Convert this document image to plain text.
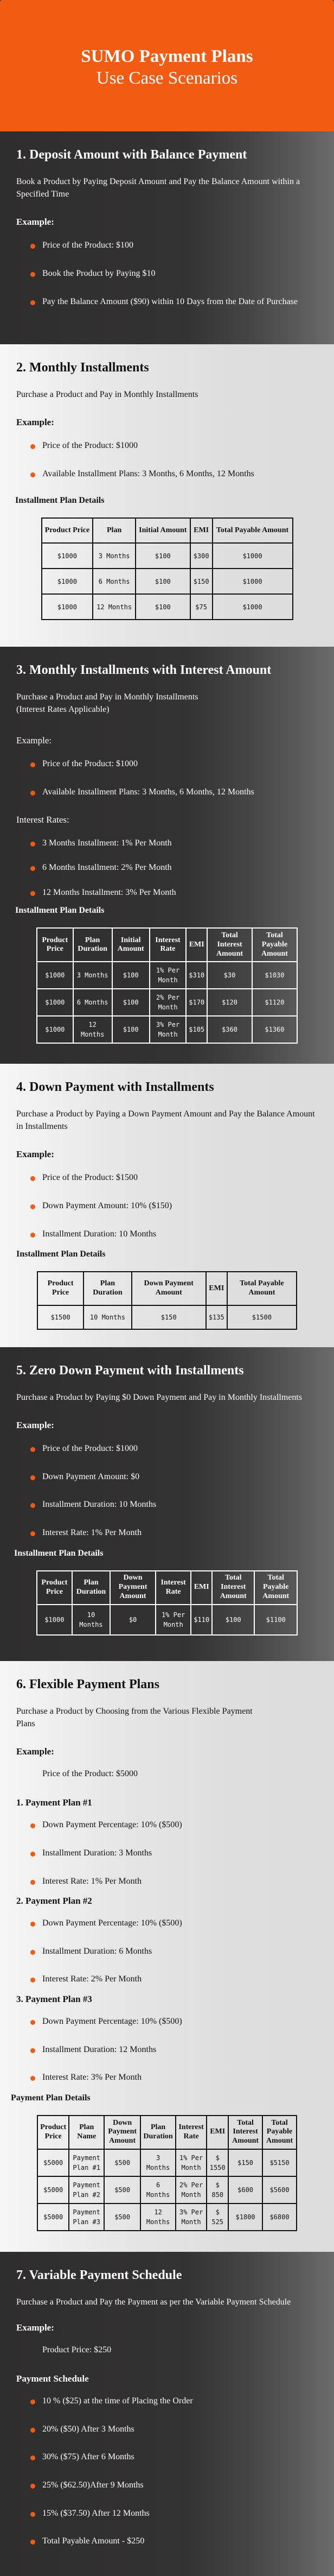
SUMO Payment Plans
Use Case Scenarios
1. Deposit Amount with Balance Payment

Book a Product by Paying Deposit Amount and Pay the Balance Amount within a Specified Time

Example:
Price of the Product: $100
Book the Product by Paying $10
Pay the Balance Amount ($90) within 10 Days from the Date of Purchase
2. Monthly Installments

Purchase a Product and Pay in Monthly Installments

Example:
Price of the Product: $1000
Available Installment Plans: 3 Months, 6 Months, 12 Months
Installment Plan Details
Product Price	Plan	Initial Amount	EMI	Total Payable Amount
$1000	3 Months	$100	$300	$1000
$1000	6 Months	$100	$150	$1000
$1000	12 Months	$100	$75	$1000
3. Monthly Installments with Interest Amount

Purchase a Product and Pay in Monthly Installments
(Interest Rates Applicable)

Example:
Price of the Product: $1000
Available Installment Plans: 3 Months, 6 Months, 12 Months
Interest Rates:
3 Months Installment: 1% Per Month
6 Months Installment: 2% Per Month
12 Months Installment: 3% Per Month
Installment Plan Details
Product Price	Plan Duration	Initial Amount	Interest Rate	EMI	Total Interest Amount	Total Payable Amount
$1000	3 Months	$100	1% Per Month	$310	$30	$1030
$1000	6 Months	$100	2% Per Month	$170	$120	$1120
$1000	12 Months	$100	3% Per Month	$105	$360	$1360
4. Down Payment with Installments

Purchase a Product by Paying a Down Payment Amount and Pay the Balance Amount in Installments

Example:
Price of the Product: $1500
Down Payment Amount: 10% ($150)
Installment Duration: 10 Months
Installment Plan Details
Product Price	Plan Duration	Down Payment Amount	EMI	Total Payable Amount
$1500	10 Months	$150	$135	$1500
5. Zero Down Payment with Installments

Purchase a Product by Paying $0 Down Payment and Pay in Monthly Installments

Example:
Price of the Product: $1000
Down Payment Amount: $0
Installment Duration: 10 Months
Interest Rate: 1% Per Month
Installment Plan Details
Product Price	Plan Duration	Down Payment Amount	Interest Rate	EMI	Total Interest Amount	Total Payable Amount
$1000	10 Months	$0	1% Per Month	$110	$100	$1100
6. Flexible Payment Plans

Purchase a Product by Choosing from the Various Flexible Payment Plans

Example:
Price of the Product: $5000
1. Payment Plan #1
Down Payment Percentage: 10% ($500)
Installment Duration: 3 Months
Interest Rate: 1% Per Month
2. Payment Plan #2
Down Payment Percentage: 10% ($500)
Installment Duration: 6 Months
Interest Rate: 2% Per Month
3. Payment Plan #3
Down Payment Percentage: 10% ($500)
Installment Duration: 12 Months
Interest Rate: 3% Per Month
Payment Plan Details
Product Price	Plan Name	Down Payment Amount	Plan Duration	Interest Rate	EMI	Total Interest Amount	Total Payable Amount
$5000	Payment Plan #1	$500	3 Months	1% Per Month	$ 1550	$150	$5150
$5000	Payment Plan #2	$500	6 Months	2% Per Month	$ 850	$600	$5600
$5000	Payment Plan #3	$500	12 Months	3% Per Month	$ 525	$1800	$6800
7. Variable Payment Schedule

Purchase a Product and Pay the Payment as per the Variable Payment Schedule

Example:
Product Price: $250
Payment Schedule
10 % ($25) at the time of Placing the Order
20% ($50) After 3 Months
30% ($75) After 6 Months
25% ($62.50)After 9 Months
15% ($37.50) After 12 Months
Total Payable Amount - $250
